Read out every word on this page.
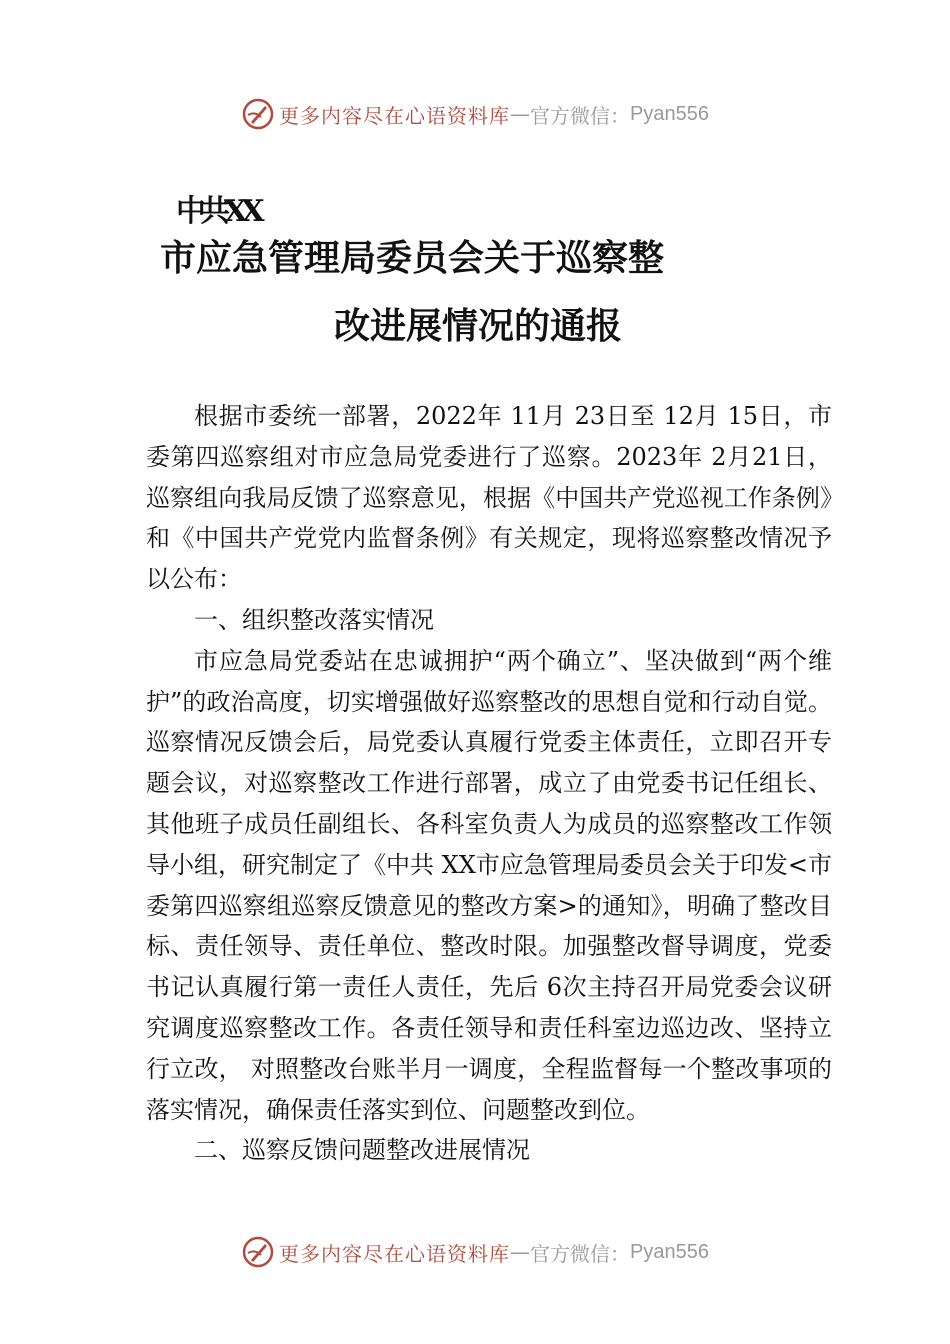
更多内容尽在心语资料库 — 官方微信： Pyan556
中共XX
市应急管理局委员会关于巡察整
改进展情况的通报

根据市委统一部署，2022年 11月 23日至 12月 15日，市委第四巡察组对市应急局党委进行了巡察。2023年 2月21日，巡察组向我局反馈了巡察意见，根据《中国共产党巡视工作条例》和《中国共产党党内监督条例》有关规定，现将巡察整改情况予以公布：

一、组织整改落实情况

市应急局党委站在忠诚拥护“两个确立”、坚决做到“两个维护”的政治高度，切实增强做好巡察整改的思想自觉和行动自觉。巡察情况反馈会后，局党委认真履行党委主体责任，立即召开专题会议，对巡察整改工作进行部署，成立了由党委书记任组长、其他班子成员任副组长、各科室负责人为成员的巡察整改工作领导小组，研究制定了《中共 XX市应急管理局委员会关于印发<市委第四巡察组巡察反馈意见的整改方案>的通知》，明确了整改目标、责任领导、责任单位、整改时限。加强整改督导调度，党委书记认真履行第一责任人责任，先后 6次主持召开局党委会议研究调度巡察整改工作。各责任领导和责任科室边巡边改、坚持立行立改， 对照整改台账半月一调度，全程监督每一个整改事项的落实情况，确保责任落实到位、问题整改到位。

二、巡察反馈问题整改进展情况

更多内容尽在心语资料库 — 官方微信： Pyan556
